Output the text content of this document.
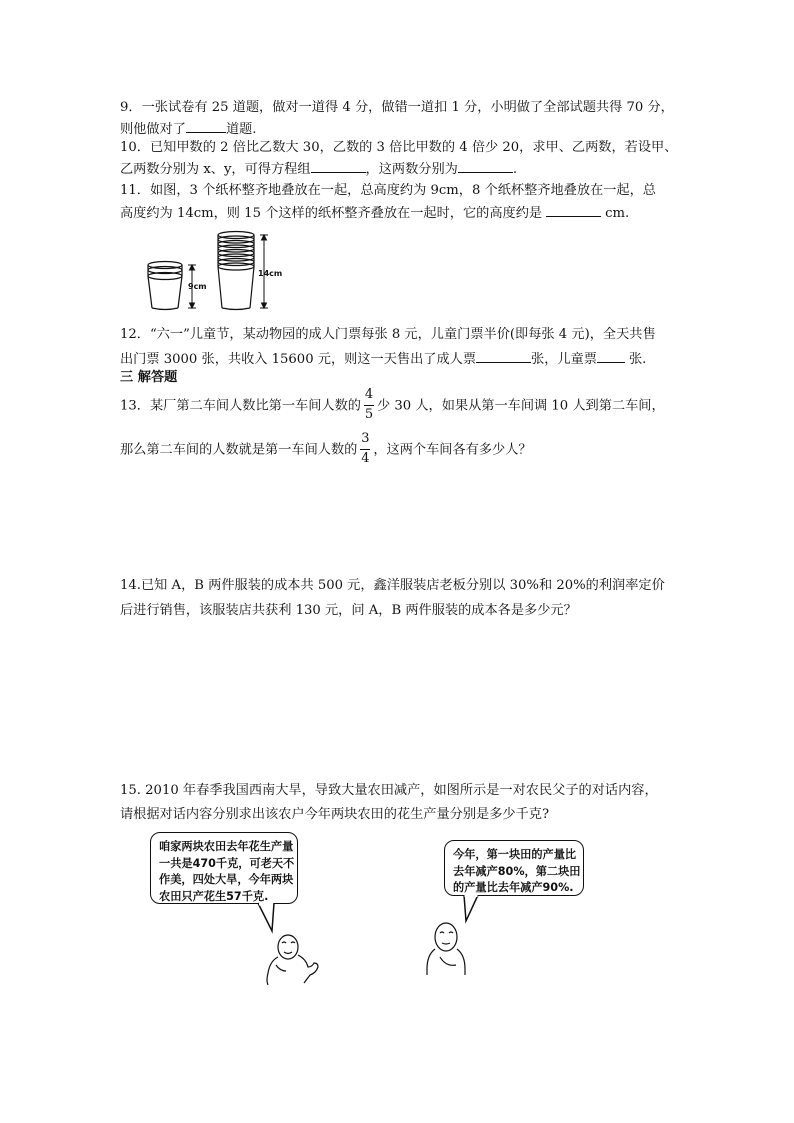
9．一张试卷有 25 道题，做对一道得 4 分，做错一道扣 1 分，小明做了全部试题共得 70 分，
则他做对了	道题.
10．已知甲数的 2 倍比乙数大 30，乙数的 3 倍比甲数的 4 倍少 20，求甲、乙两数，若设甲、
乙两数分别为 x、y，可得方程组	，这两数分别为	.
11．如图，3 个纸杯整齐地叠放在一起，总高度约为 9cm，8 个纸杯整齐地叠放在一起，总
高度约为 14cm，则 15 个这样的纸杯整齐叠放在一起时，它的高度约是	cm.
9cm
14cm
12．“六一”儿童节，某动物园的成人门票每张 8 元，儿童门票半价(即每张 4 元)，全天共售
出门票 3000 张，共收入 15600 元，则这一天售出了成人票	张，儿童票 张.
三 解答题
13．某厂第二车间人数比第一车间人数的 $\frac{4}{5}$ 少 30 人，如果从第一车间调 10 人到第二车间，
那么第二车间的人数就是第一车间人数的 $\frac{3}{4}$ ，这两个车间各有多少人？
14.已知 A，B 两件服装的成本共 500 元，鑫洋服装店老板分别以 30%和 20%的利润率定价
后进行销售，该服装店共获利 130 元，问 A，B 两件服装的成本各是多少元？
15. 2010 年春季我国西南大旱，导致大量农田减产，如图所示是一对农民父子的对话内容，
请根据对话内容分别求出该农户今年两块农田的花生产量分别是多少千克?
咱家两块农田去年花生产量
一共是470千克，可老天不
作美，四处大旱，今年两块
农田只产花生57千克.
今年，第一块田的产量比
去年减产80%，第二块田
的产量比去年减产90%.
